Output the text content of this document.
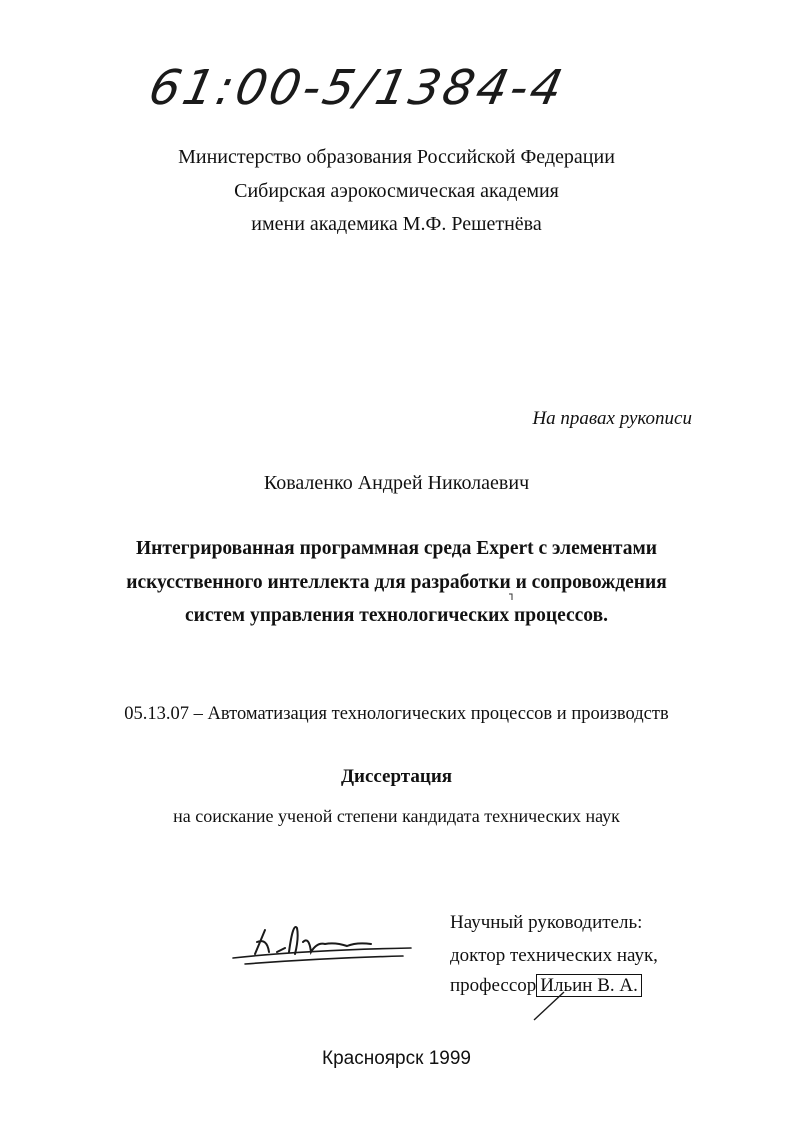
61:00-5/1384-4
Министерство образования Российской Федерации
Сибирская аэрокосмическая академия
имени академика М.Ф. Решетнёва
На правах рукописи
Коваленко Андрей Николаевич
Интегрированная программная среда Expert с элементами
искусственного интеллекта для разработки и сопровождения
систем управления технологических процессов.
05.13.07 – Автоматизация технологических процессов и производств
Диссертация
на соискание ученой степени кандидата технических наук
Научный руководитель:
доктор технических наук,
профессор Ильин В. А.
Красноярск 1999
